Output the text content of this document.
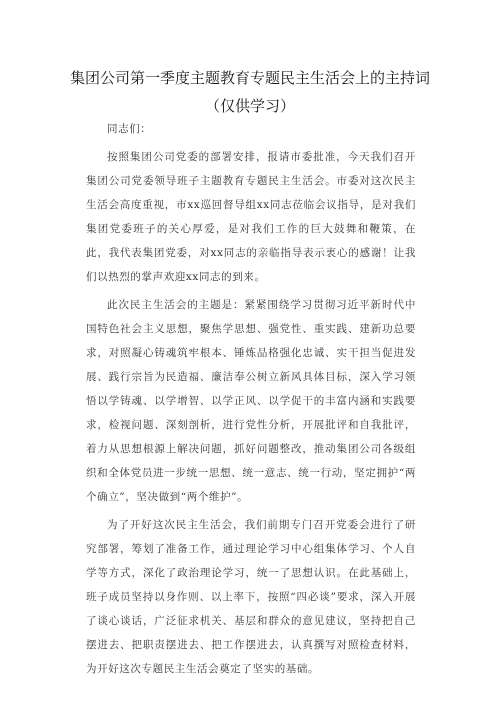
集团公司第一季度主题教育专题民主生活会上的主持词（仅供学习）

同志们：

按照集团公司党委的部署安排，报请市委批准，今天我们召开集团公司党委领导班子主题教育专题民主生活会。市委对这次民主生活会高度重视，市xx巡回督导组xx同志莅临会议指导，是对我们集团党委班子的关心厚爱，是对我们工作的巨大鼓舞和鞭策，在此，我代表集团党委，对xx同志的亲临指导表示衷心的感谢！让我们以热烈的掌声欢迎xx同志的到来。

此次民主生活会的主题是：紧紧围绕学习贯彻习近平新时代中国特色社会主义思想，聚焦学思想、强党性、重实践、建新功总要求，对照凝心铸魂筑牢根本、锤炼品格强化忠诚、实干担当促进发展、践行宗旨为民造福、廉洁奉公树立新风具体目标，深入学习领悟以学铸魂、以学增智、以学正风、以学促干的丰富内涵和实践要求，检视问题、深刻剖析，进行党性分析，开展批评和自我批评，着力从思想根源上解决问题，抓好问题整改，推动集团公司各级组织和全体党员进一步统一思想、统一意志、统一行动，坚定拥护“两个确立”，坚决做到“两个维护”。

为了开好这次民主生活会，我们前期专门召开党委会进行了研究部署，筹划了准备工作，通过理论学习中心组集体学习、个人自学等方式，深化了政治理论学习，统一了思想认识。在此基础上，班子成员坚持以身作则、以上率下，按照“四必谈”要求，深入开展了谈心谈话，广泛征求机关、基层和群众的意见建议，坚持把自己摆进去、把职责摆进去、把工作摆进去，认真撰写对照检查材料，为开好这次专题民主生活会奠定了坚实的基础。
